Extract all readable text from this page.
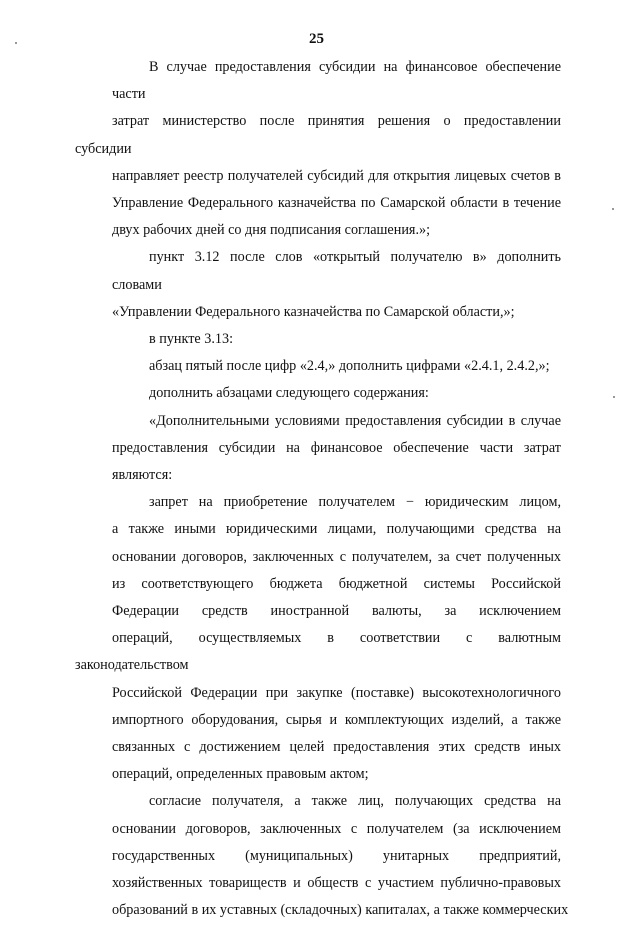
25
В случае предоставления субсидии на финансовое обеспечение части
затрат министерство после принятия решения о предоставлении субсидии
направляет реестр получателей субсидий для открытия лицевых счетов в
Управление Федерального казначейства по Самарской области в течение
двух рабочих дней со дня подписания соглашения.»;
пункт 3.12 после слов «открытый получателю в» дополнить словами
«Управлении Федерального казначейства по Самарской области,»;
в пункте 3.13:
абзац пятый после цифр «2.4,» дополнить цифрами «2.4.1, 2.4.2,»;
дополнить абзацами следующего содержания:
«Дополнительными условиями предоставления субсидии в случае
предоставления субсидии на финансовое обеспечение части затрат
являются:
запрет на приобретение получателем − юридическим лицом,
а также иными юридическими лицами, получающими средства на
основании договоров, заключенных с получателем, за счет полученных
из соответствующего бюджета бюджетной системы Российской
Федерации средств иностранной валюты, за исключением
операций, осуществляемых в соответствии с валютным законодательством
Российской Федерации при закупке (поставке) высокотехнологичного
импортного оборудования, сырья и комплектующих изделий, а также
связанных с достижением целей предоставления этих средств иных
операций, определенных правовым актом;
согласие получателя, а также лиц, получающих средства на
основании договоров, заключенных с получателем (за исключением
государственных (муниципальных) унитарных предприятий,
хозяйственных товариществ и обществ с участием публично-правовых
образований в их уставных (складочных) капиталах, а также коммерческих
